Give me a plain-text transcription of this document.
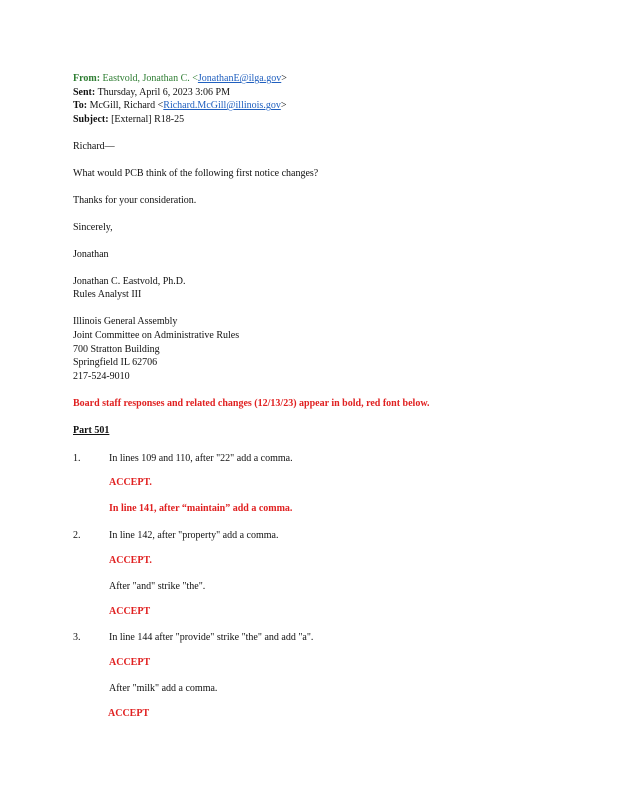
From: Eastvold, Jonathan C. <JonathanE@ilga.gov>
Sent: Thursday, April 6, 2023 3:06 PM
To: McGill, Richard <Richard.McGill@illinois.gov>
Subject: [External] R18-25
Richard—
What would PCB think of the following first notice changes?
Thanks for your consideration.
Sincerely,
Jonathan
Jonathan C. Eastvold, Ph.D.
Rules Analyst III
Illinois General Assembly
Joint Committee on Administrative Rules
700 Stratton Building
Springfield IL 62706
217-524-9010
Board staff responses and related changes (12/13/23) appear in bold, red font below.
Part 501
1.	In lines 109 and 110, after "22" add a comma.
ACCEPT.
In line 141, after “maintain” add a comma.
2.	In line 142, after "property" add a comma.
ACCEPT.
After "and" strike "the".
ACCEPT
3.	In line 144 after "provide" strike "the" and add "a".
ACCEPT
After "milk" add a comma.
ACCEPT
